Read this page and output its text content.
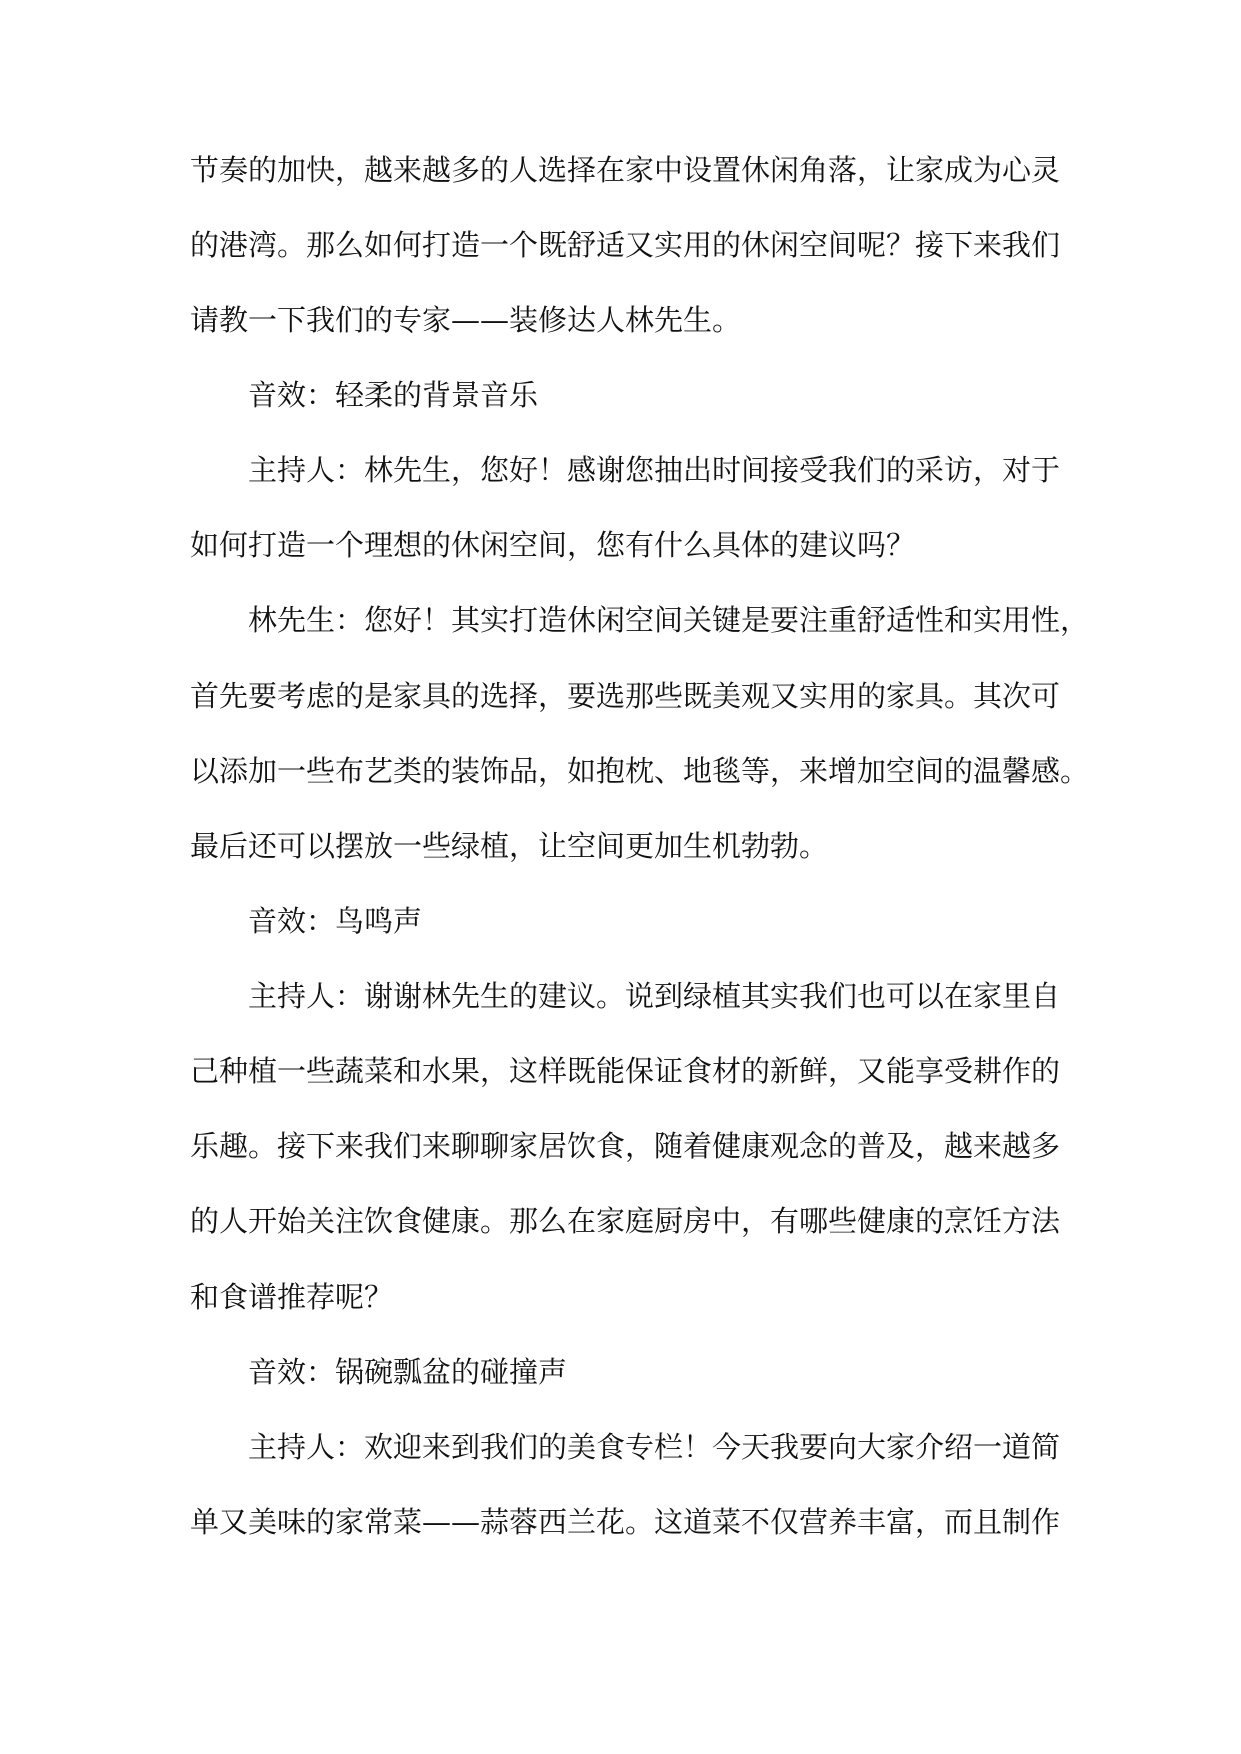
节奏的加快，越来越多的人选择在家中设置休闲角落，让家成为心灵

的港湾。那么如何打造一个既舒适又实用的休闲空间呢？接下来我们

请教一下我们的专家——装修达人林先生。

音效：轻柔的背景音乐

主持人：林先生，您好！感谢您抽出时间接受我们的采访，对于

如何打造一个理想的休闲空间，您有什么具体的建议吗？

林先生：您好！其实打造休闲空间关键是要注重舒适性和实用性，

首先要考虑的是家具的选择，要选那些既美观又实用的家具。其次可

以添加一些布艺类的装饰品，如抱枕、地毯等，来增加空间的温馨感。

最后还可以摆放一些绿植，让空间更加生机勃勃。

音效：鸟鸣声

主持人：谢谢林先生的建议。说到绿植其实我们也可以在家里自

己种植一些蔬菜和水果，这样既能保证食材的新鲜，又能享受耕作的

乐趣。接下来我们来聊聊家居饮食，随着健康观念的普及，越来越多

的人开始关注饮食健康。那么在家庭厨房中，有哪些健康的烹饪方法

和食谱推荐呢？

音效：锅碗瓢盆的碰撞声

主持人：欢迎来到我们的美食专栏！今天我要向大家介绍一道简

单又美味的家常菜——蒜蓉西兰花。这道菜不仅营养丰富，而且制作
